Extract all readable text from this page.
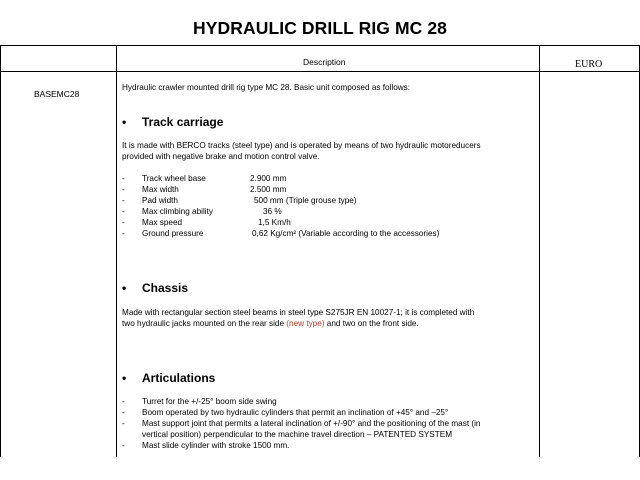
HYDRAULIC DRILL RIG MC 28
Description	EURO
BASEMC28
Hydraulic crawler mounted drill rig type MC 28. Basic unit composed as follows:
• Track carriage
It is made with BERCO tracks (steel type) and is operated by means of two hydraulic motoreducers
provided with negative brake and motion control valve.
- Track wheel base	2.900 mm
- Max width	2.500 mm
- Pad width	500 mm (Triple grouse type)
- Max climbing ability	36 %
- Max speed	1,5 Km/h
- Ground pressure	0,62 Kg/cm² (Variable according to the accessories)
• Chassis
Made with rectangular section steel beams in steel type S275JR EN 10027-1; it is completed with
two hydraulic jacks mounted on the rear side (new type) and two on the front side.
• Articulations
- Turret for the +/-25° boom side swing
- Boom operated by two hydraulic cylinders that permit an inclination of +45° and –25°
- Mast support joint that permits a lateral inclination of +/-90° and the positioning of the mast (in
vertical position) perpendicular to the machine travel direction – PATENTED SYSTEM
- Mast slide cylinder with stroke 1500 mm.
